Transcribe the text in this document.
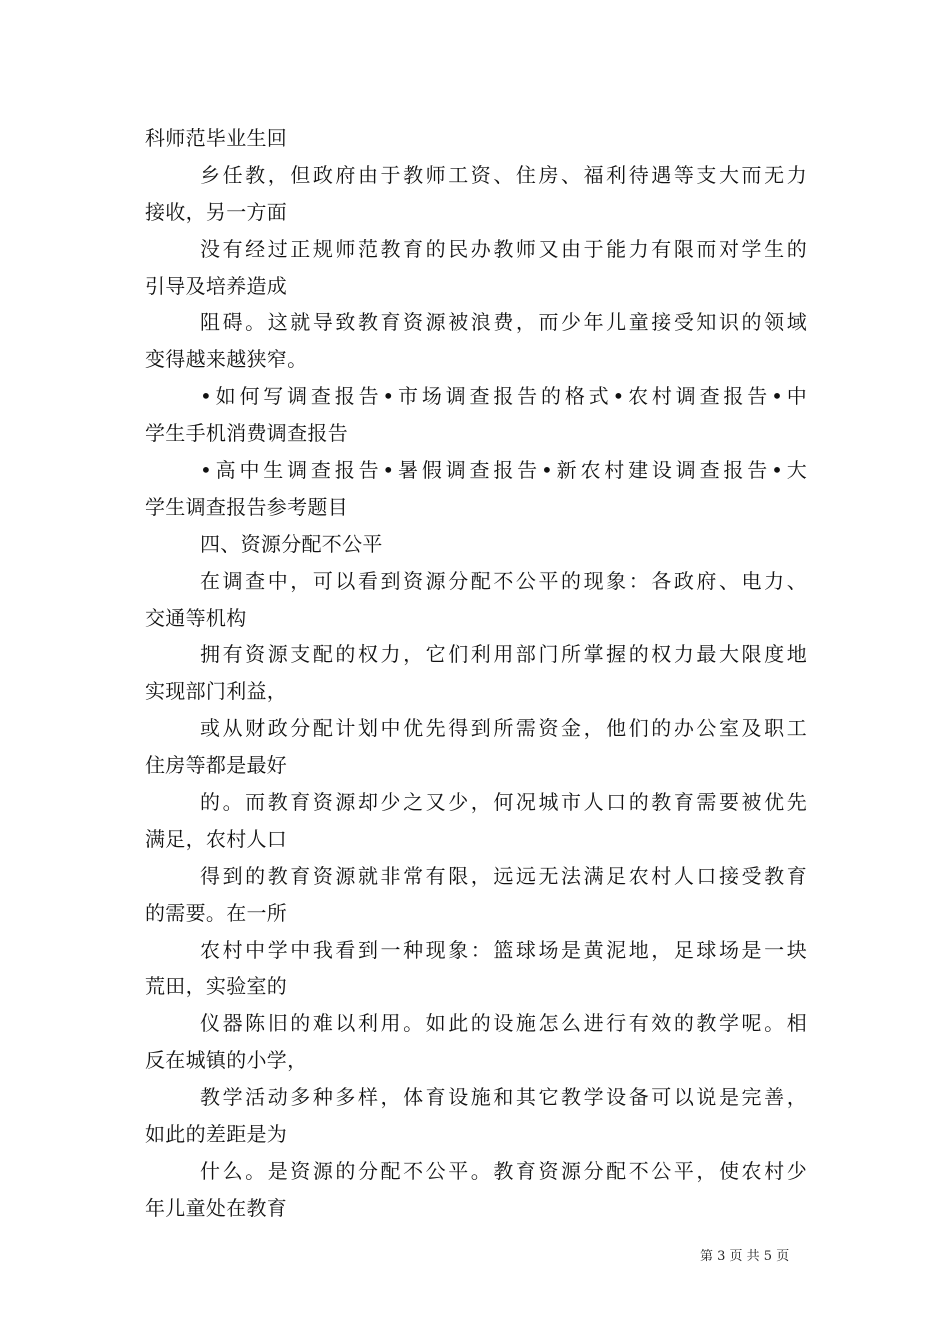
科师范毕业生回
乡任教，但政府由于教师工资、住房、福利待遇等支大而无力
接收，另一方面
没有经过正规师范教育的民办教师又由于能力有限而对学生的
引导及培养造成
阻碍。这就导致教育资源被浪费，而少年儿童接受知识的领域
变得越来越狭窄。
•如何写调查报告•市场调查报告的格式•农村调查报告•中
学生手机消费调查报告
•高中生调查报告•暑假调查报告•新农村建设调查报告•大
学生调查报告参考题目
四、资源分配不公平
在调查中，可以看到资源分配不公平的现象：各政府、电力、
交通等机构
拥有资源支配的权力，它们利用部门所掌握的权力最大限度地
实现部门利益，
或从财政分配计划中优先得到所需资金，他们的办公室及职工
住房等都是最好
的。而教育资源却少之又少，何况城市人口的教育需要被优先
满足，农村人口
得到的教育资源就非常有限，远远无法满足农村人口接受教育
的需要。在一所
农村中学中我看到一种现象：篮球场是黄泥地，足球场是一块
荒田，实验室的
仪器陈旧的难以利用。如此的设施怎么进行有效的教学呢。相
反在城镇的小学，
教学活动多种多样，体育设施和其它教学设备可以说是完善，
如此的差距是为
什么。是资源的分配不公平。教育资源分配不公平，使农村少
年儿童处在教育
第 3 页 共 5 页
